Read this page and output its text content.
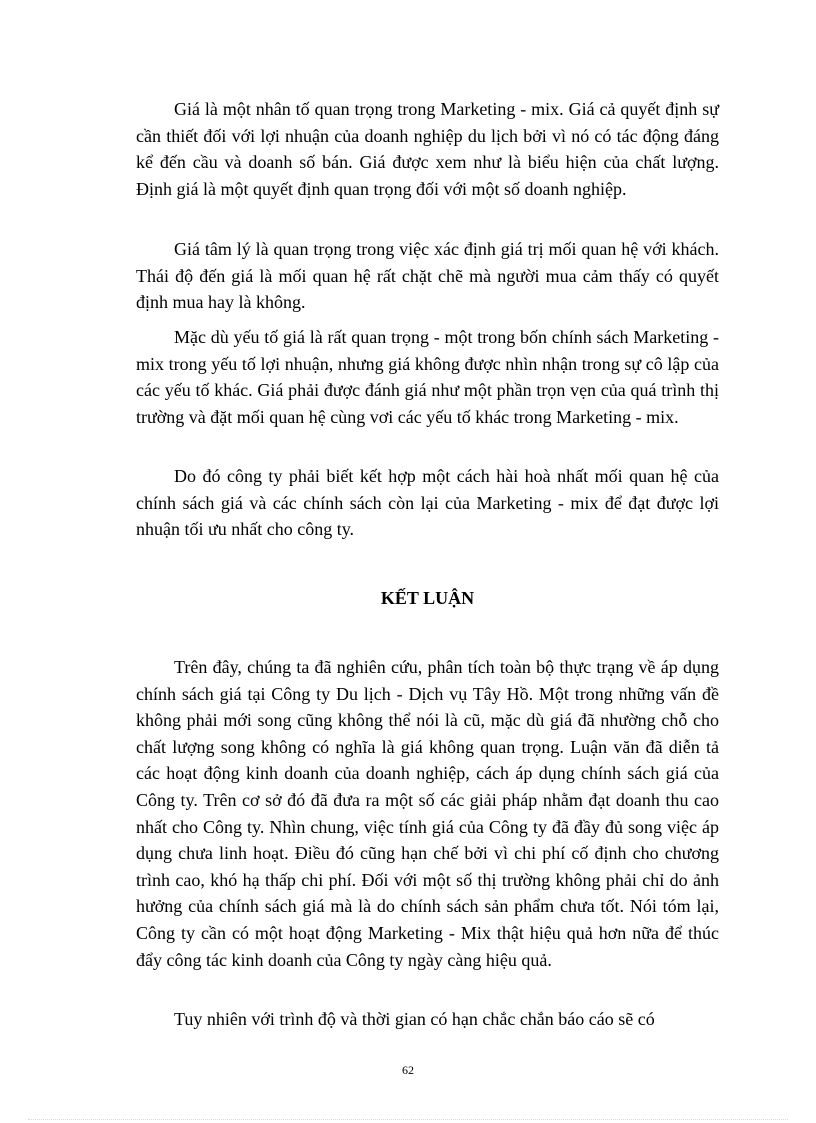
Giá là một nhân tố quan trọng trong Marketing - mix. Giá cả quyết định sự cần thiết đối với lợi nhuận của doanh nghiệp du lịch bởi vì nó có tác động đáng kể đến cầu và doanh số bán. Giá được xem như là biểu hiện của chất lượng. Định giá là một quyết định quan trọng đối với một số doanh nghiệp.

Giá tâm lý là quan trọng trong việc xác định giá trị mối quan hệ với khách. Thái độ đến giá là mối quan hệ rất chặt chẽ mà người mua cảm thấy có quyết định mua hay là không.

Mặc dù yếu tố giá là rất quan trọng - một trong bốn chính sách Marketing - mix trong yếu tố lợi nhuận, nhưng giá không được nhìn nhận trong sự cô lập của các yếu tố khác. Giá phải được đánh giá như một phần trọn vẹn của quá trình thị trường và đặt mối quan hệ cùng vơi các yếu tố khác trong Marketing - mix.

Do đó công ty phải biết kết hợp một cách hài hoà nhất mối quan hệ của chính sách giá và các chính sách còn lại của Marketing - mix để đạt được lợi nhuận tối ưu nhất cho công ty.

KẾT LUẬN

Trên đây, chúng ta đã nghiên cứu, phân tích toàn bộ thực trạng về áp dụng chính sách giá tại Công ty Du lịch - Dịch vụ Tây Hồ. Một trong những vấn đề không phải mới song cũng không thể nói là cũ, mặc dù giá đã nhường chỗ cho chất lượng song không có nghĩa là giá không quan trọng. Luận văn đã diễn tả các hoạt động kinh doanh của doanh nghiệp, cách áp dụng chính sách giá của Công ty. Trên cơ sở đó đã đưa ra một số các giải pháp nhằm đạt doanh thu cao nhất cho Công ty. Nhìn chung, việc tính giá của Công ty đã đầy đủ song việc áp dụng chưa linh hoạt. Điều đó cũng hạn chế bởi vì chi phí cố định cho chương trình cao, khó hạ thấp chi phí. Đối với một số thị trường không phải chỉ do ảnh hưởng của chính sách giá mà là do chính sách sản phẩm chưa tốt. Nói tóm lại, Công ty cần có một hoạt động Marketing - Mix thật hiệu quả hơn nữa để thúc đẩy công tác kinh doanh của Công ty ngày càng hiệu quả.

Tuy nhiên với trình độ và thời gian có hạn chắc chắn báo cáo sẽ có

62
